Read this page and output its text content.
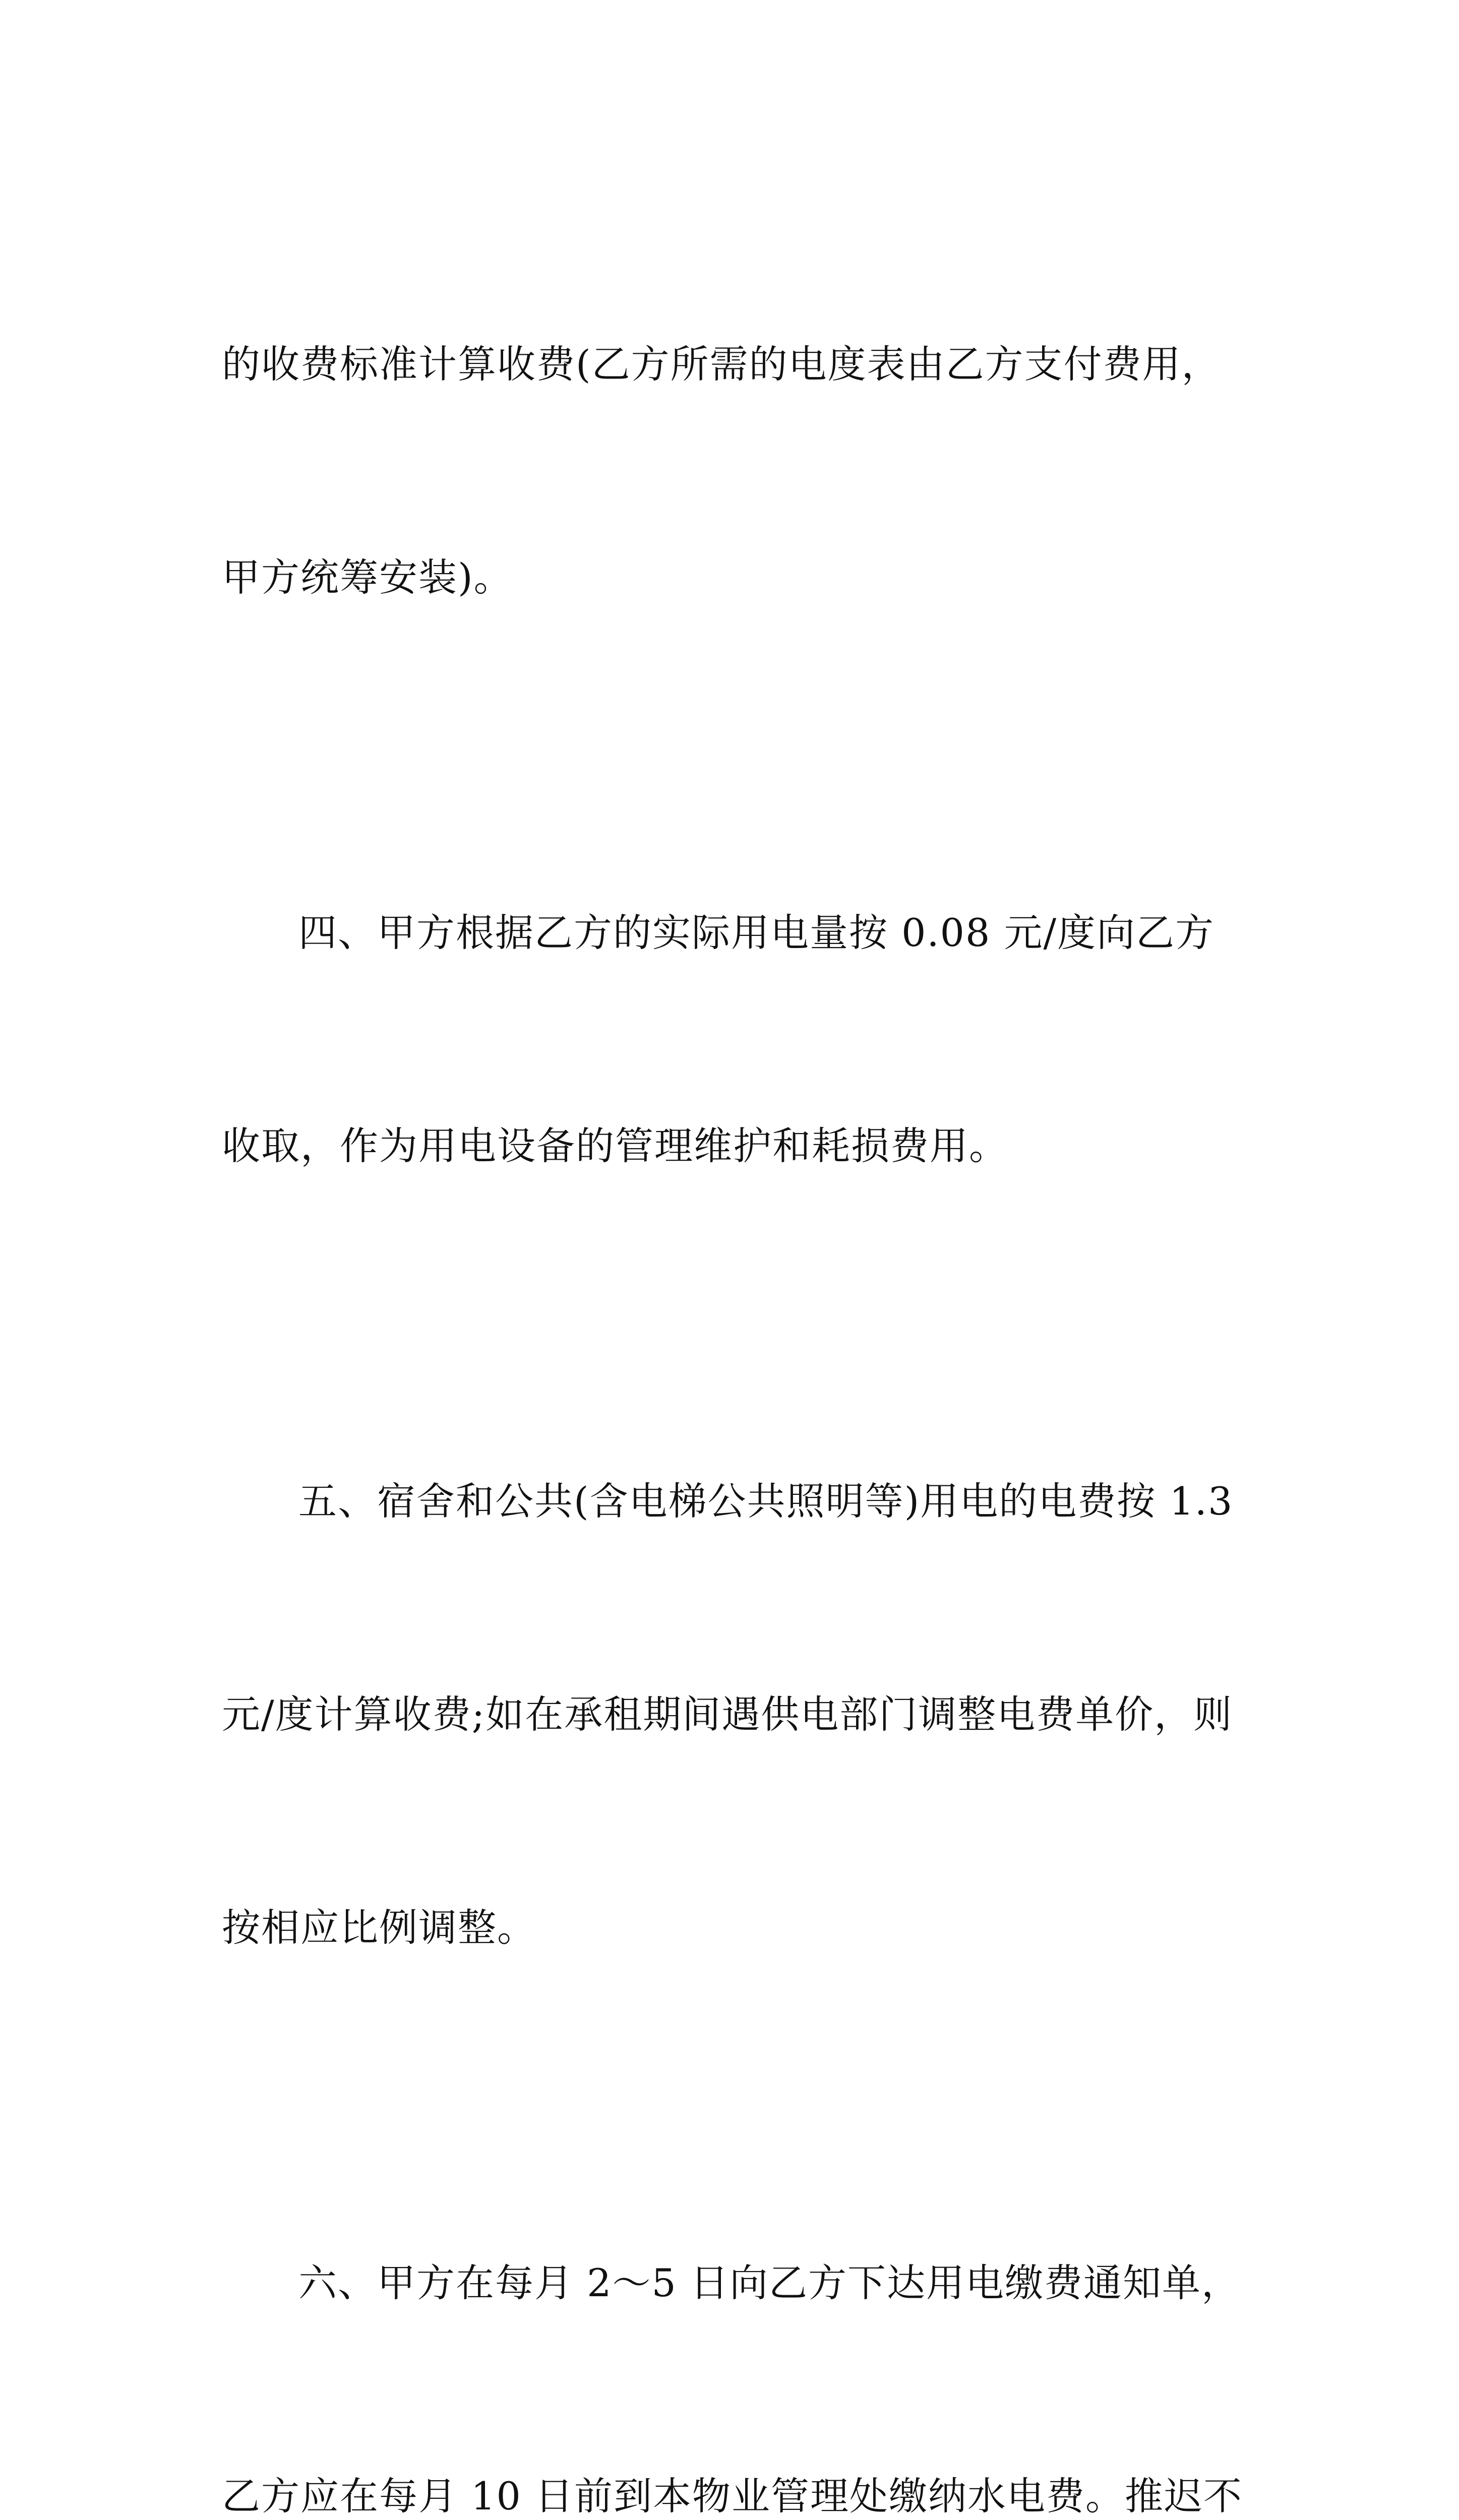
的收费标准计算收费(乙方所需的电度表由乙方支付费用，

甲方统筹安装)。

四、甲方根据乙方的实际用电量按 0.08 元/度向乙方

收取，作为用电设备的管理维护和耗损费用。

五、宿舍和公共(含电梯公共照明等)用电的电费按 1.3

元/度计算收费;如在承租期间遇供电部门调整电费单价，则

按相应比例调整。

六、甲方在每月 2～5 日向乙方下达用电缴费通知单，

乙方应在每月 10 日前到本物业管理处缴纳水电费。推迟不
